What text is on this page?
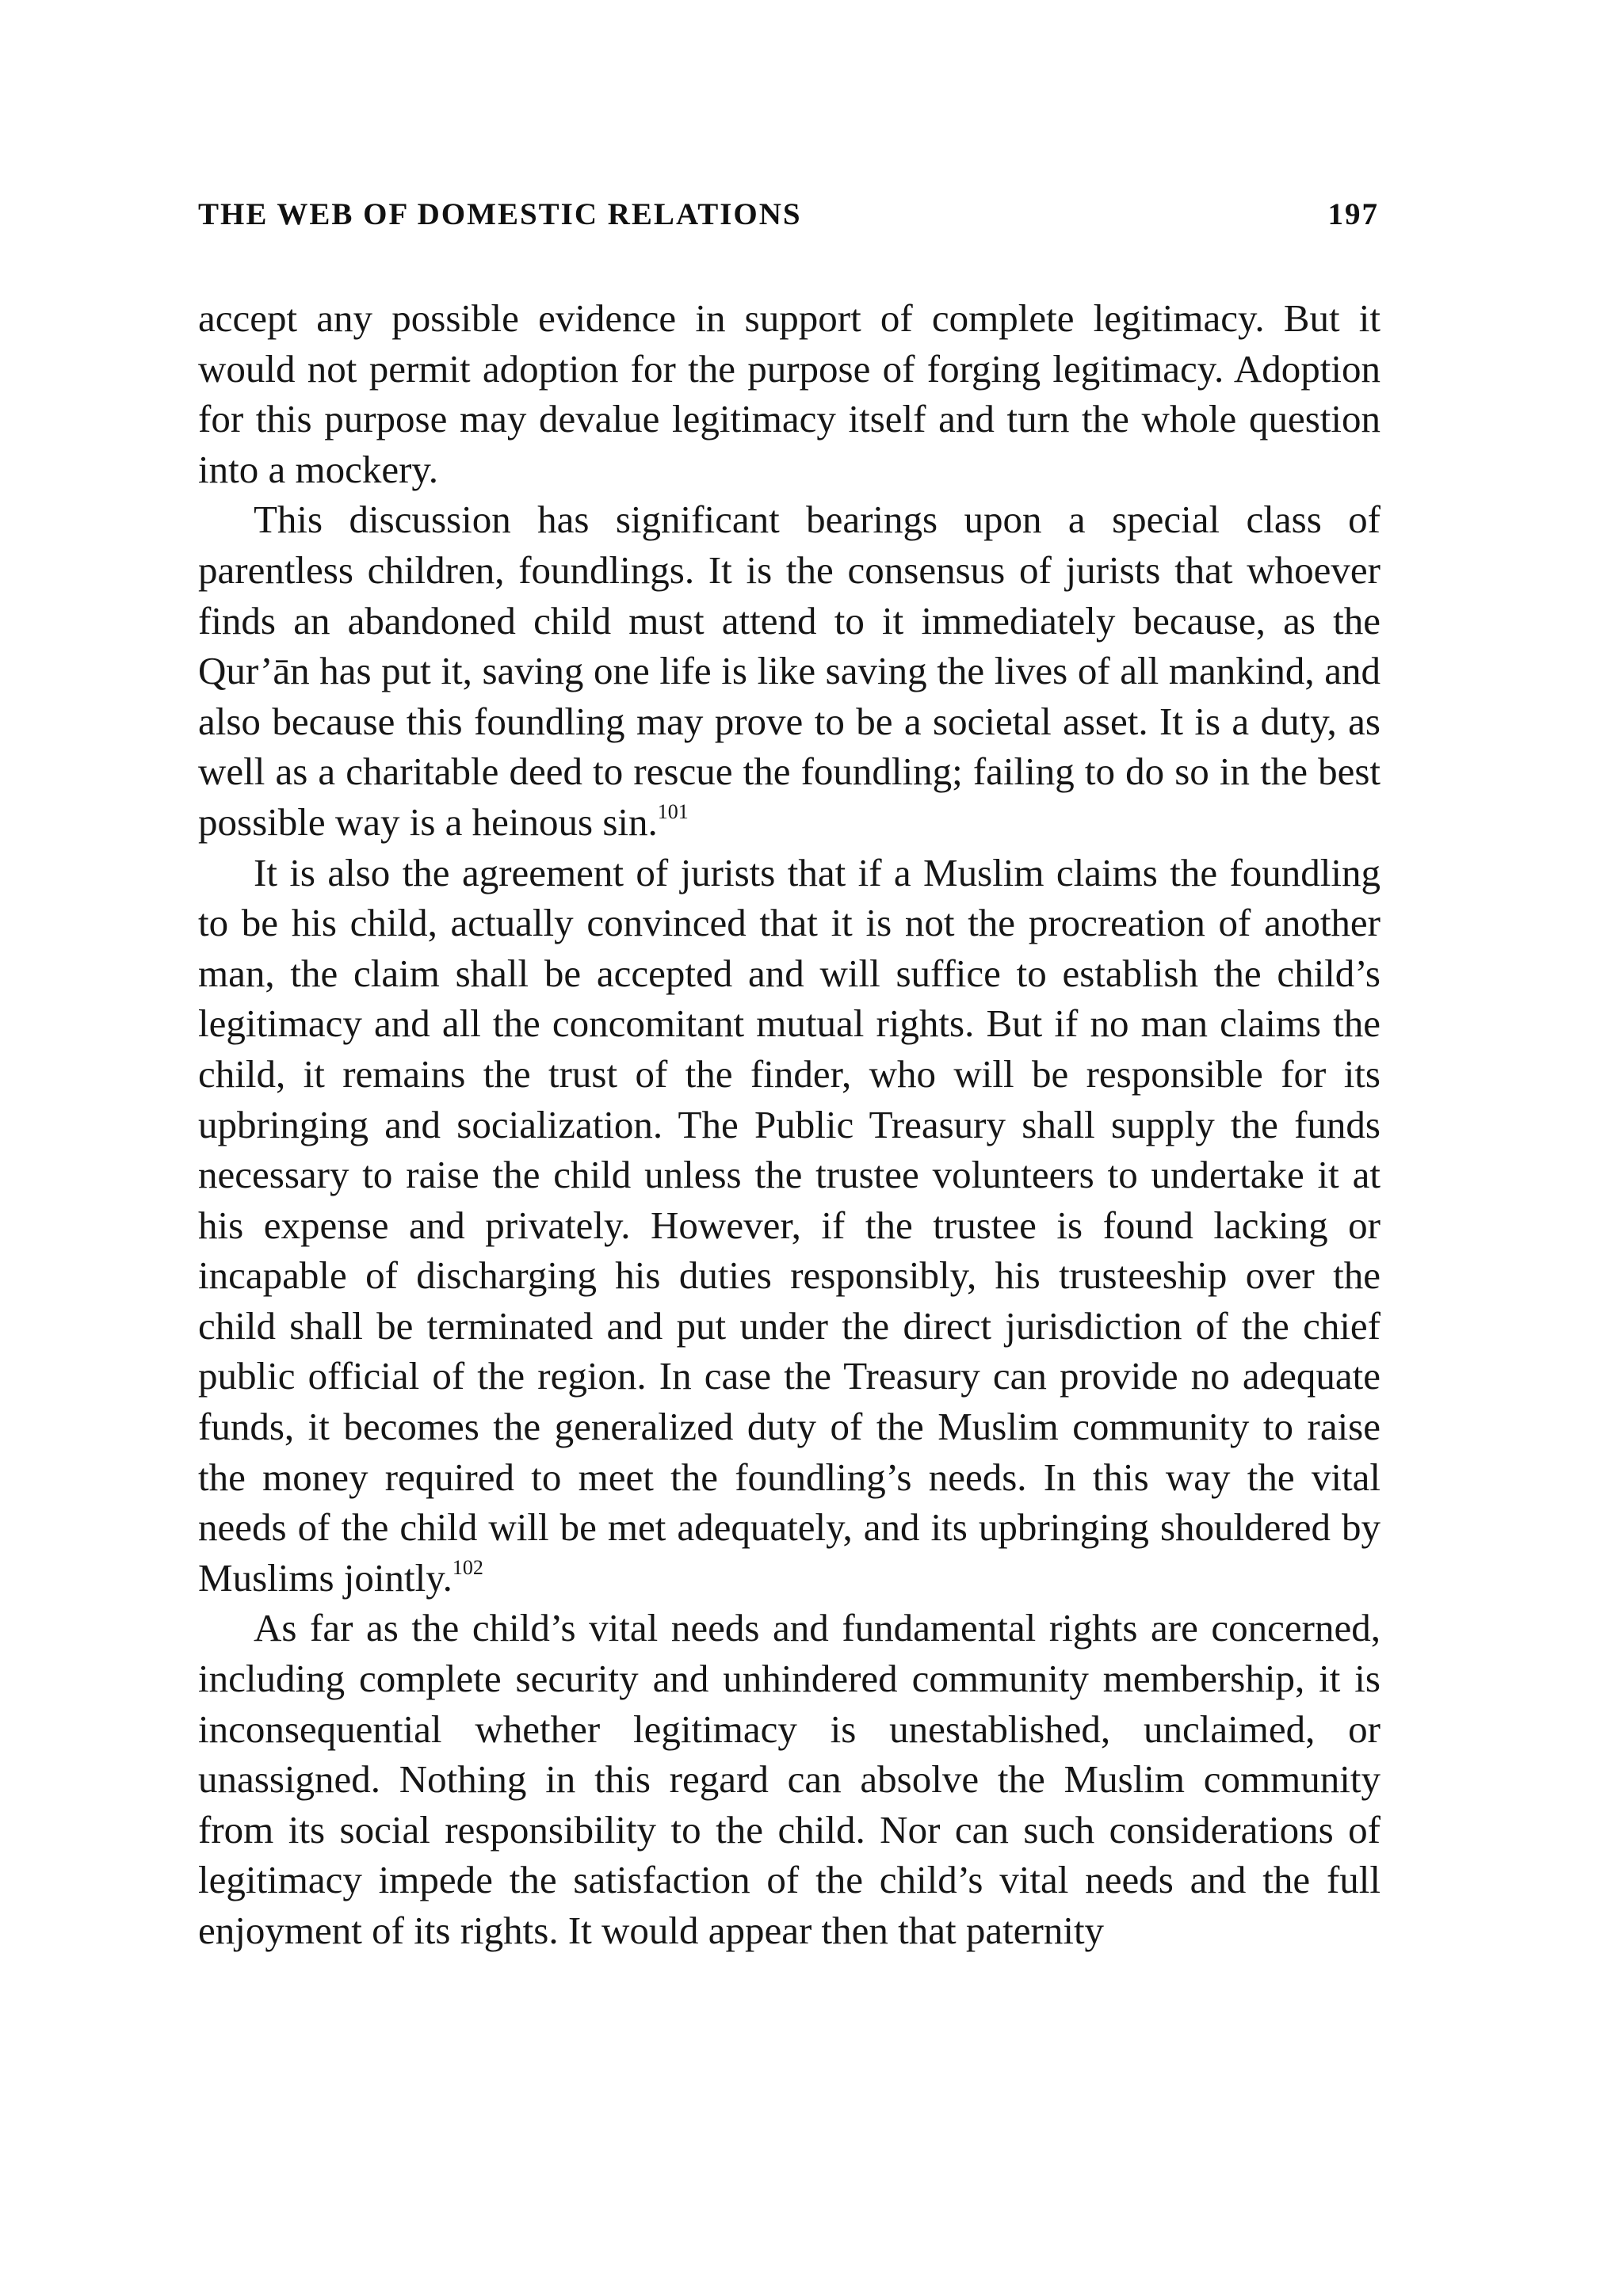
THE WEB OF DOMESTIC RELATIONS	197

accept any possible evidence in support of complete legitimacy. But it would not permit adoption for the purpose of forging legitimacy. Adoption for this purpose may devalue legitimacy itself and turn the whole question into a mockery.

This discussion has significant bearings upon a special class of parentless children, foundlings. It is the consensus of jurists that whoever finds an abandoned child must attend to it immediately because, as the Qur’ān has put it, saving one life is like saving the lives of all mankind, and also because this foundling may prove to be a societal asset. It is a duty, as well as a charitable deed to rescue the foundling; failing to do so in the best possible way is a heinous sin.$^{101}$

It is also the agreement of jurists that if a Muslim claims the foundling to be his child, actually convinced that it is not the procreation of another man, the claim shall be accepted and will suffice to establish the child’s legitimacy and all the concomitant mutual rights. But if no man claims the child, it remains the trust of the finder, who will be responsible for its upbringing and socialization. The Public Treasury shall supply the funds necessary to raise the child unless the trustee volunteers to undertake it at his expense and privately. However, if the trustee is found lacking or incapable of discharging his duties responsibly, his trusteeship over the child shall be terminated and put under the direct jurisdiction of the chief public official of the region. In case the Treasury can provide no adequate funds, it becomes the generalized duty of the Muslim community to raise the money required to meet the foundling’s needs. In this way the vital needs of the child will be met adequately, and its upbringing shouldered by Muslims jointly.$^{102}$

As far as the child’s vital needs and fundamental rights are concerned, including complete security and unhindered community membership, it is inconsequential whether legitimacy is unestablished, unclaimed, or unassigned. Nothing in this regard can absolve the Muslim community from its social responsibility to the child. Nor can such considerations of legitimacy impede the satisfaction of the child’s vital needs and the full enjoyment of its rights. It would appear then that paternity
